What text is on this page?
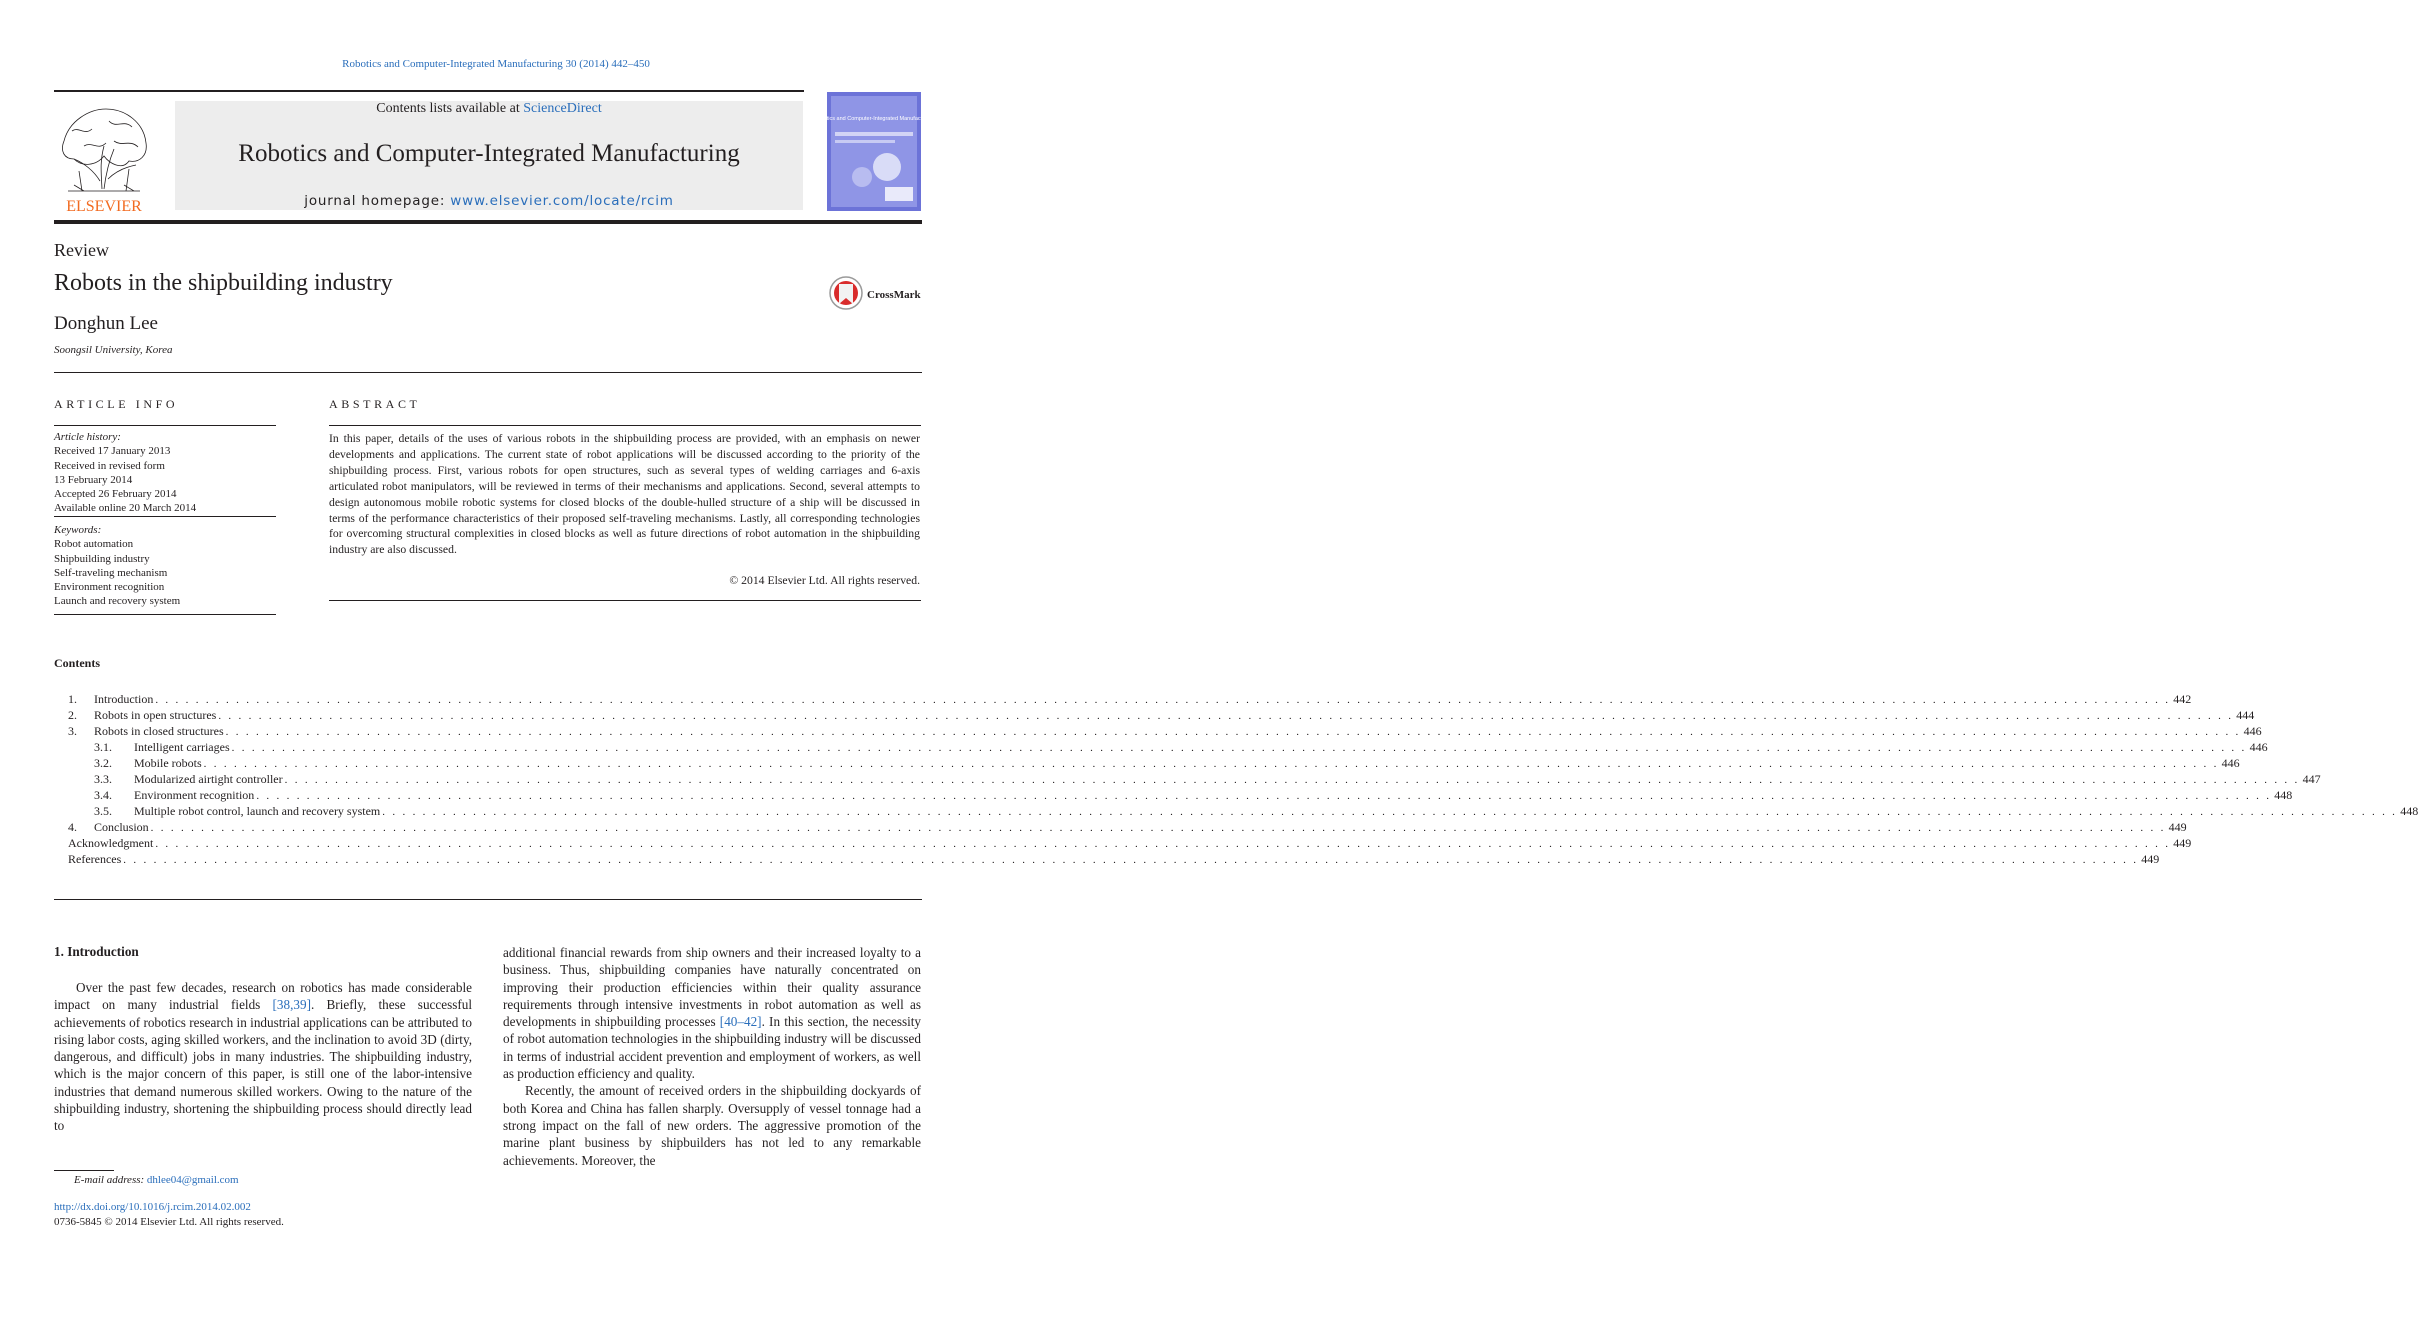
Robotics and Computer-Integrated Manufacturing 30 (2014) 442–450
ELSEVIER
Contents lists available at ScienceDirect
Robotics and Computer-Integrated Manufacturing
journal homepage: www.elsevier.com/locate/rcim
Robotics and Computer-Integrated Manufacturing
Review
Robots in the shipbuilding industry	CrossMark
Donghun Lee
Soongsil University, Korea
ARTICLE INFO	ABSTRACT
Article history:
Received 17 January 2013
Received in revised form
13 February 2014
Accepted 26 February 2014
Available online 20 March 2014
Keywords:
Robot automation
Shipbuilding industry
Self-traveling mechanism
Environment recognition
Launch and recovery system
In this paper, details of the uses of various robots in the shipbuilding process are provided, with an emphasis on newer developments and applications. The current state of robot applications will be discussed according to the priority of the shipbuilding process. First, various robots for open structures, such as several types of welding carriages and 6-axis articulated robot manipulators, will be reviewed in terms of their mechanisms and applications. Second, several attempts to design autonomous mobile robotic systems for closed blocks of the double-hulled structure of a ship will be discussed in terms of the performance characteristics of their proposed self-traveling mechanisms. Lastly, all corresponding technologies for overcoming structural complexities in closed blocks as well as future directions of robot automation in the shipbuilding industry are also discussed.
© 2014 Elsevier Ltd. All rights reserved.
Contents
1.	Introduction . . . . . . . . . . . . . . . . . . . . . . . . . . . . . . . . . . . . . . . . . . . . . . . . . . . . . . . . . . . . . . . . . . . . . . . . . . . . . . . . . . . . . . . . . . . . . . . . . . . . . . . . . . . . . . . . . . . . . . . . . . . . . . . . . . . . . . . . . . . . . . . . . . . . . . . . . . . . . . . . . . . . . . . . . . . . . . . . . . . . . . . . . . . . . . . . . . . . . . . . 442
2.	Robots in open structures . . . . . . . . . . . . . . . . . . . . . . . . . . . . . . . . . . . . . . . . . . . . . . . . . . . . . . . . . . . . . . . . . . . . . . . . . . . . . . . . . . . . . . . . . . . . . . . . . . . . . . . . . . . . . . . . . . . . . . . . . . . . . . . . . . . . . . . . . . . . . . . . . . . . . . . . . . . . . . . . . . . . . . . . . . . . . . . . . . . . . . . . . . . . . . . . . . . . . . . . 444
3.	Robots in closed structures . . . . . . . . . . . . . . . . . . . . . . . . . . . . . . . . . . . . . . . . . . . . . . . . . . . . . . . . . . . . . . . . . . . . . . . . . . . . . . . . . . . . . . . . . . . . . . . . . . . . . . . . . . . . . . . . . . . . . . . . . . . . . . . . . . . . . . . . . . . . . . . . . . . . . . . . . . . . . . . . . . . . . . . . . . . . . . . . . . . . . . . . . . . . . . . . . . . . . . . . 446
3.1.	Intelligent carriages . . . . . . . . . . . . . . . . . . . . . . . . . . . . . . . . . . . . . . . . . . . . . . . . . . . . . . . . . . . . . . . . . . . . . . . . . . . . . . . . . . . . . . . . . . . . . . . . . . . . . . . . . . . . . . . . . . . . . . . . . . . . . . . . . . . . . . . . . . . . . . . . . . . . . . . . . . . . . . . . . . . . . . . . . . . . . . . . . . . . . . . . . . . . . . . . . . . . . . . . 446
3.2.	Mobile robots . . . . . . . . . . . . . . . . . . . . . . . . . . . . . . . . . . . . . . . . . . . . . . . . . . . . . . . . . . . . . . . . . . . . . . . . . . . . . . . . . . . . . . . . . . . . . . . . . . . . . . . . . . . . . . . . . . . . . . . . . . . . . . . . . . . . . . . . . . . . . . . . . . . . . . . . . . . . . . . . . . . . . . . . . . . . . . . . . . . . . . . . . . . . . . . . . . . . . . . . 446
3.3.	Modularized airtight controller . . . . . . . . . . . . . . . . . . . . . . . . . . . . . . . . . . . . . . . . . . . . . . . . . . . . . . . . . . . . . . . . . . . . . . . . . . . . . . . . . . . . . . . . . . . . . . . . . . . . . . . . . . . . . . . . . . . . . . . . . . . . . . . . . . . . . . . . . . . . . . . . . . . . . . . . . . . . . . . . . . . . . . . . . . . . . . . . . . . . . . . . . . . . . . . . . . . . . . . . 447
3.4.	Environment recognition . . . . . . . . . . . . . . . . . . . . . . . . . . . . . . . . . . . . . . . . . . . . . . . . . . . . . . . . . . . . . . . . . . . . . . . . . . . . . . . . . . . . . . . . . . . . . . . . . . . . . . . . . . . . . . . . . . . . . . . . . . . . . . . . . . . . . . . . . . . . . . . . . . . . . . . . . . . . . . . . . . . . . . . . . . . . . . . . . . . . . . . . . . . . . . . . . . . . . . . . 448
3.5.	Multiple robot control, launch and recovery system . . . . . . . . . . . . . . . . . . . . . . . . . . . . . . . . . . . . . . . . . . . . . . . . . . . . . . . . . . . . . . . . . . . . . . . . . . . . . . . . . . . . . . . . . . . . . . . . . . . . . . . . . . . . . . . . . . . . . . . . . . . . . . . . . . . . . . . . . . . . . . . . . . . . . . . . . . . . . . . . . . . . . . . . . . . . . . . . . . . . . . . . . . . . . . . . . . . . . . . . 448
4.	Conclusion . . . . . . . . . . . . . . . . . . . . . . . . . . . . . . . . . . . . . . . . . . . . . . . . . . . . . . . . . . . . . . . . . . . . . . . . . . . . . . . . . . . . . . . . . . . . . . . . . . . . . . . . . . . . . . . . . . . . . . . . . . . . . . . . . . . . . . . . . . . . . . . . . . . . . . . . . . . . . . . . . . . . . . . . . . . . . . . . . . . . . . . . . . . . . . . . . . . . . . . . 449
Acknowledgment . . . . . . . . . . . . . . . . . . . . . . . . . . . . . . . . . . . . . . . . . . . . . . . . . . . . . . . . . . . . . . . . . . . . . . . . . . . . . . . . . . . . . . . . . . . . . . . . . . . . . . . . . . . . . . . . . . . . . . . . . . . . . . . . . . . . . . . . . . . . . . . . . . . . . . . . . . . . . . . . . . . . . . . . . . . . . . . . . . . . . . . . . . . . . . . . . . . . . . . . 449
References . . . . . . . . . . . . . . . . . . . . . . . . . . . . . . . . . . . . . . . . . . . . . . . . . . . . . . . . . . . . . . . . . . . . . . . . . . . . . . . . . . . . . . . . . . . . . . . . . . . . . . . . . . . . . . . . . . . . . . . . . . . . . . . . . . . . . . . . . . . . . . . . . . . . . . . . . . . . . . . . . . . . . . . . . . . . . . . . . . . . . . . . . . . . . . . . . . . . . . . . 449
1. Introduction

Over the past few decades, research on robotics has made considerable impact on many industrial fields [38,39]. Briefly, these successful achievements of robotics research in industrial applications can be attributed to rising labor costs, aging skilled workers, and the inclination to avoid 3D (dirty, dangerous, and difficult) jobs in many industries. The shipbuilding industry, which is the major concern of this paper, is still one of the labor-intensive industries that demand numerous skilled workers. Owing to the nature of the shipbuilding industry, shortening the shipbuilding process should directly lead to

additional financial rewards from ship owners and their increased loyalty to a business. Thus, shipbuilding companies have naturally concentrated on improving their production efficiencies within their quality assurance requirements through intensive investments in robot automation as well as developments in shipbuilding processes [40–42]. In this section, the necessity of robot automation technologies in the shipbuilding industry will be discussed in terms of industrial accident prevention and employment of workers, as well as production efficiency and quality.

Recently, the amount of received orders in the shipbuilding dockyards of both Korea and China has fallen sharply. Oversupply of vessel tonnage had a strong impact on the fall of new orders. The aggressive promotion of the marine plant business by shipbuilders has not led to any remarkable achievements. Moreover, the

E-mail address: dhlee04@gmail.com
http://dx.doi.org/10.1016/j.rcim.2014.02.002
0736-5845 © 2014 Elsevier Ltd. All rights reserved.
